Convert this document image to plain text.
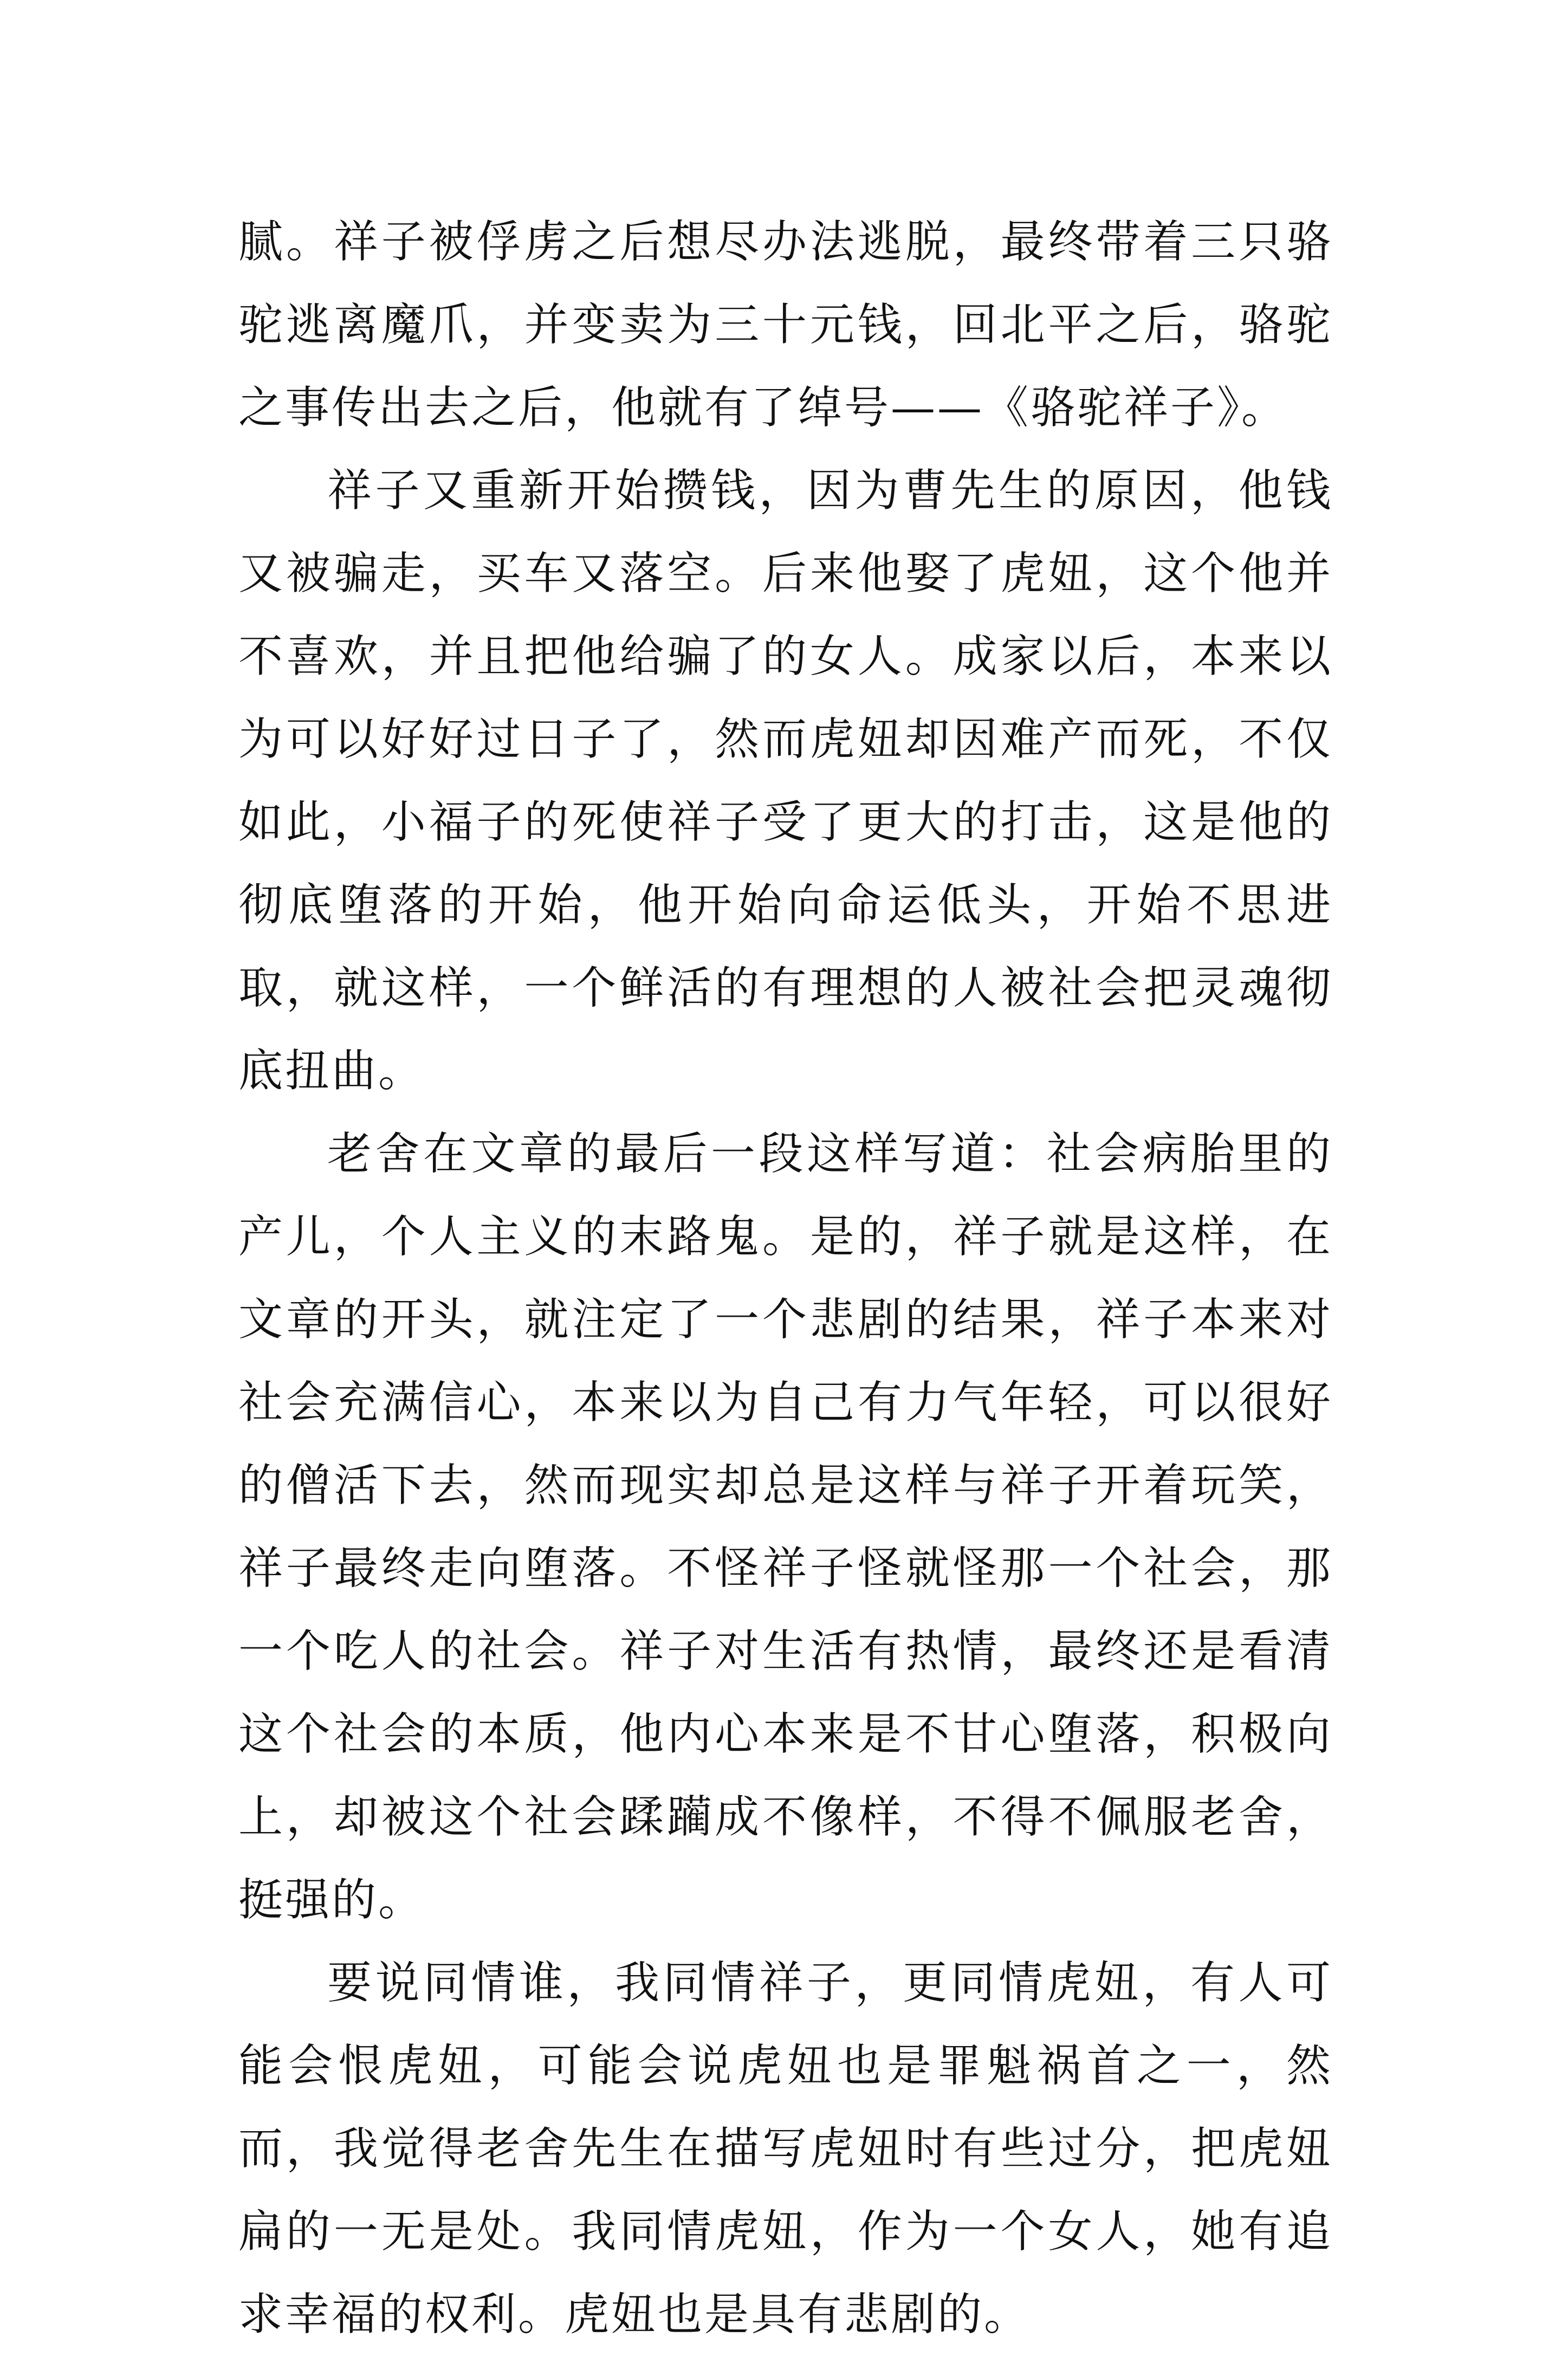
腻。祥子被俘虏之后想尽办法逃脱，最终带着三只骆驼逃离魔爪，并变卖为三十元钱，回北平之后，骆驼之事传出去之后，他就有了绰号——《骆驼祥子》。

祥子又重新开始攒钱，因为曹先生的原因，他钱又被骗走，买车又落空。后来他娶了虎妞，这个他并不喜欢，并且把他给骗了的女人。成家以后，本来以为可以好好过日子了，然而虎妞却因难产而死，不仅如此，小福子的死使祥子受了更大的打击，这是他的彻底堕落的开始，他开始向命运低头，开始不思进取，就这样，一个鲜活的有理想的人被社会把灵魂彻底扭曲。

老舍在文章的最后一段这样写道：社会病胎里的产儿，个人主义的末路鬼。是的，祥子就是这样，在文章的开头，就注定了一个悲剧的结果，祥子本来对社会充满信心，本来以为自己有力气年轻，可以很好的僧活下去，然而现实却总是这样与祥子开着玩笑，祥子最终走向堕落。不怪祥子怪就怪那一个社会，那一个吃人的社会。祥子对生活有热情，最终还是看清这个社会的本质，他内心本来是不甘心堕落，积极向上，却被这个社会蹂躏成不像样，不得不佩服老舍，挺强的。

要说同情谁，我同情祥子，更同情虎妞，有人可能会恨虎妞，可能会说虎妞也是罪魁祸首之一，然而，我觉得老舍先生在描写虎妞时有些过分，把虎妞扁的一无是处。我同情虎妞，作为一个女人，她有追求幸福的权利。虎妞也是具有悲剧的。
